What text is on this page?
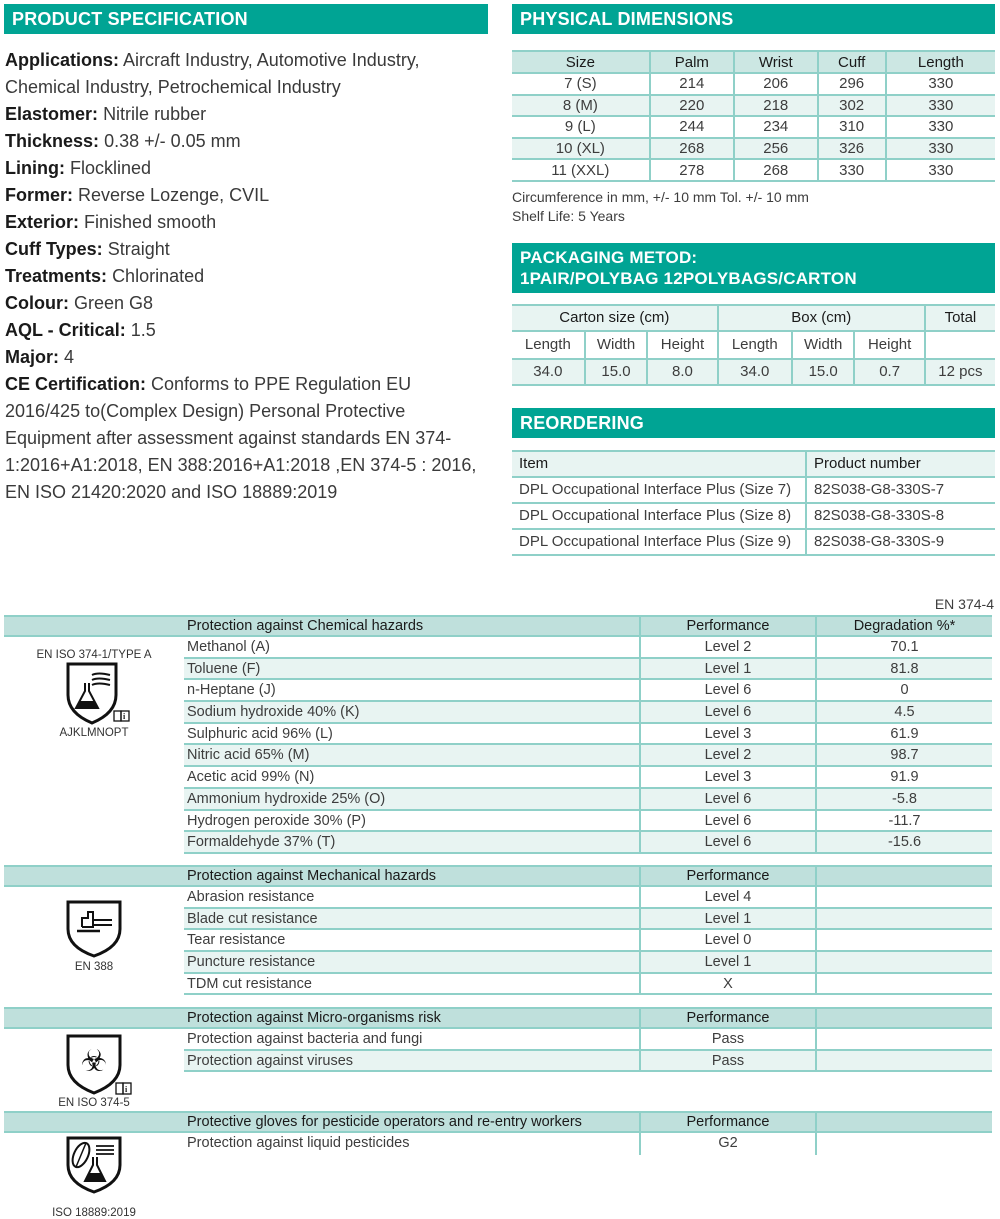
PRODUCT SPECIFICATION
Applications: Aircraft Industry, Automotive Industry, Chemical Industry, Petrochemical Industry
Elastomer: Nitrile rubber
Thickness: 0.38 +/- 0.05 mm
Lining: Flocklined
Former: Reverse Lozenge, CVIL
Exterior: Finished smooth
Cuff Types: Straight
Treatments: Chlorinated
Colour: Green G8
AQL - Critical: 1.5
Major: 4
CE Certification: Conforms to PPE Regulation EU 2016/425 to(Complex Design) Personal Protective Equipment after assessment against standards EN 374-1:2016+A1:2018, EN 388:2016+A1:2018 ,EN 374-5 : 2016, EN ISO 21420:2020 and ISO 18889:2019
PHYSICAL DIMENSIONS
Size	Palm	Wrist	Cuff	Length
7 (S)	214	206	296	330
8 (M)	220	218	302	330
9 (L)	244	234	310	330
10 (XL)	268	256	326	330
11 (XXL)	278	268	330	330
Circumference in mm, +/- 10 mm Tol. +/- 10 mm
Shelf Life: 5 Years
PACKAGING METOD:
1PAIR/POLYBAG 12POLYBAGS/CARTON
Carton size (cm)			Box (cm)			Total
Length	Width	Height	Length	Width	Height	
34.0	15.0	8.0	34.0	15.0	0.7	12 pcs
REORDERING
Item	Product number
DPL Occupational Interface Plus (Size 7)	82S038-G8-330S-7
DPL Occupational Interface Plus (Size 8)	82S038-G8-330S-8
DPL Occupational Interface Plus (Size 9)	82S038-G8-330S-9
EN 374-4
Protection against Chemical hazards	Performance	Degradation %*
EN ISO 374-1/TYPE A
i
AJKLMNOPT
Methanol (A)	Level 2	70.1
Toluene (F)	Level 1	81.8
n-Heptane (J)	Level 6	0
Sodium hydroxide 40% (K)	Level 6	4.5
Sulphuric acid 96% (L)	Level 3	61.9
Nitric acid 65% (M)	Level 2	98.7
Acetic acid 99% (N)	Level 3	91.9
Ammonium hydroxide 25% (O)	Level 6	-5.8
Hydrogen peroxide 30% (P)	Level 6	-11.7
Formaldehyde 37% (T)	Level 6	-15.6
Protection against Mechanical hazards	Performance
EN 388
Abrasion resistance	Level 4
Blade cut resistance	Level 1
Tear resistance	Level 0
Puncture resistance	Level 1
TDM cut resistance	X
Protection against Micro-organisms risk	Performance
☣
i
EN ISO 374-5
Protection against bacteria and fungi	Pass
Protection against viruses	Pass
Protective gloves for pesticide operators and re-entry workers	Performance
ISO 18889:2019
Protection against liquid pesticides	G2
